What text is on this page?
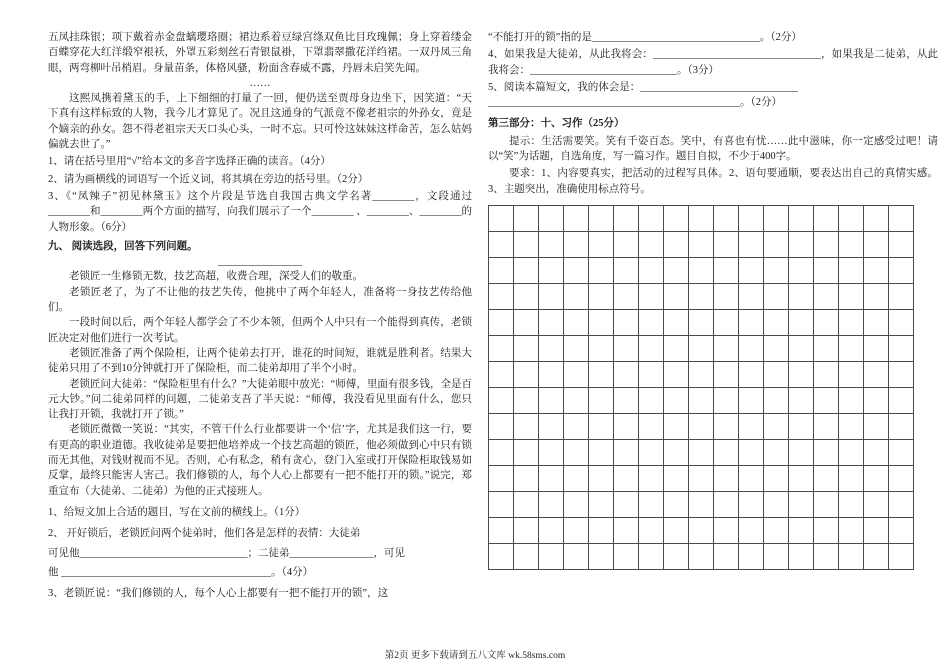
五凤挂珠银；项下戴着赤金盘螭璎珞圈；裙边系着豆绿宫绦双鱼比目玫瑰佩；身上穿着缕金百蝶穿花大红洋缎窄裉袄，外罩五彩刻丝石青银鼠褂，下罩翡翠撒花洋绉裙。一双丹凤三角眼，两弯柳叶吊梢眉。身量苗条，体格风骚，粉面含春威不露，丹唇未启笑先闻。

……

这熙凤携着黛玉的手，上下细细的打量了一回，便仍送至贾母身边坐下，因笑道：“天下真有这样标致的人物，我今儿才算见了。况且这通身的气派竟不像老祖宗的外孙女，竟是个嫡亲的孙女。怨不得老祖宗天天口头心头，一时不忘。只可怜这妹妹这样命苦，怎么姑妈偏就去世了。”

1、请在括号里用“√”给本文的多音字选择正确的读音。（4分）

2、请为画横线的词语写一个近义词，将其填在旁边的括号里。（2分）

3、《“凤辣子”初见林黛玉》这个片段是节选自我国古典文学名著________，文段通过________和________两个方面的描写，向我们展示了一个________ 、________、________的人物形象。（6分）

九、 阅读选段，回答下列问题。

________________

老锁匠一生修锁无数，技艺高超，收费合理，深受人们的敬重。

老锁匠老了，为了不让他的技艺失传，他挑中了两个年轻人，准备将一身技艺传给他们。

一段时间以后，两个年轻人都学会了不少本领，但两个人中只有一个能得到真传，老锁匠决定对他们进行一次考试。

老锁匠准备了两个保险柜，让两个徒弟去打开，谁花的时间短，谁就是胜利者。结果大徒弟只用了不到10分钟就打开了保险柜，而二徒弟却用了半个小时。

老锁匠问大徒弟：“保险柜里有什么？”大徒弟眼中放光：“师傅，里面有很多钱，全是百元大钞。”问二徒弟同样的问题，二徒弟支吾了半天说：“师傅，我没看见里面有什么，您只让我打开锁，我就打开了锁。”

老锁匠微微一笑说：“其实，不管干什么行业都要讲一个‘信’字，尤其是我们这一行，要有更高的职业道德。我收徒弟是要把他培养成一个技艺高超的锁匠，他必须做到心中只有锁而无其他，对钱财视而不见。否则，心有私念，稍有贪心，登门入室或打开保险柜取钱易如反掌，最终只能害人害己。我们修锁的人，每个人心上都要有一把不能打开的锁。”说完，郑重宣布（大徒弟、二徒弟）为他的正式接班人。

1、给短文加上合适的题目，写在文前的横线上。（1分）

2、 开好锁后，老锁匠问两个徒弟时，他们各是怎样的表情：大徒弟

可见他________________________________；二徒弟________________，可见

他 ________________________________________。（4分）

3、老锁匠说：“我们修锁的人，每个人心上都要有一把不能打开的锁”，这

“不能打开的锁”指的是________________________________。（2分）

4、如果我是大徒弟，从此我将会：________________________________，如果我是二徒弟，从此我将会：____________________________。（3分）

5、阅读本篇短文，我的体会是：______________________________

________________________________________________。（2分）

第三部分：十、习作（25分）

提示：生活需要笑。笑有千姿百态。笑中，有喜也有忧……此中滋味，你一定感受过吧！请以“笑”为话题，自选角度，写一篇习作。题目自拟，不少于400字。

要求：1、内容要真实，把活动的过程写具体。2、语句要通顺，要表达出自己的真情实感。3、主题突出，准确使用标点符号。

第2页 更多下载请到五八文库 wk.58sms.com
